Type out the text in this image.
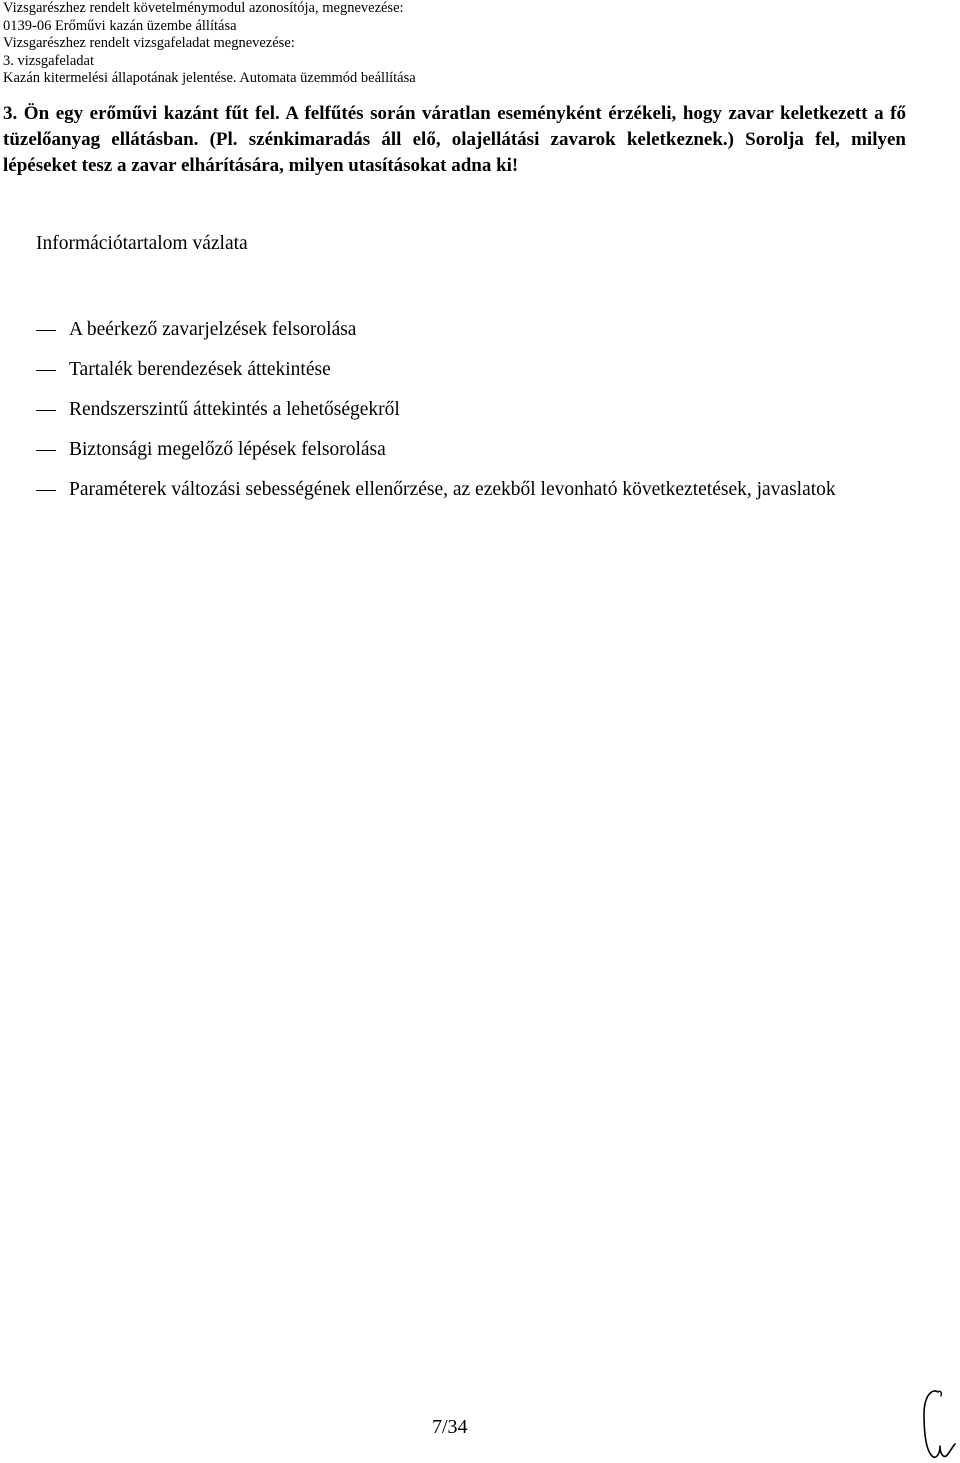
Vizsgarészhez rendelt követelménymodul azonosítója, megnevezése:
0139-06 Erőművi kazán üzembe állítása
Vizsgarészhez rendelt vizsgafeladat megnevezése:
3. vizsgafeladat
Kazán kitermelési állapotának jelentése. Automata üzemmód beállítása
3. Ön egy erőművi kazánt fűt fel. A felfűtés során váratlan eseményként érzékeli, hogy zavar keletkezett a fő tüzelőanyag ellátásban. (Pl. szénkimaradás áll elő, olajellátási zavarok keletkeznek.) Sorolja fel, milyen lépéseket tesz a zavar elhárítására, milyen utasításokat adna ki!
Információtartalom vázlata
A beérkező zavarjelzések felsorolása
Tartalék berendezések áttekintése
Rendszerszintű áttekintés a lehetőségekről
Biztonsági megelőző lépések felsorolása
Paraméterek változási sebességének ellenőrzése, az ezekből levonható következtetések, javaslatok
7/34
